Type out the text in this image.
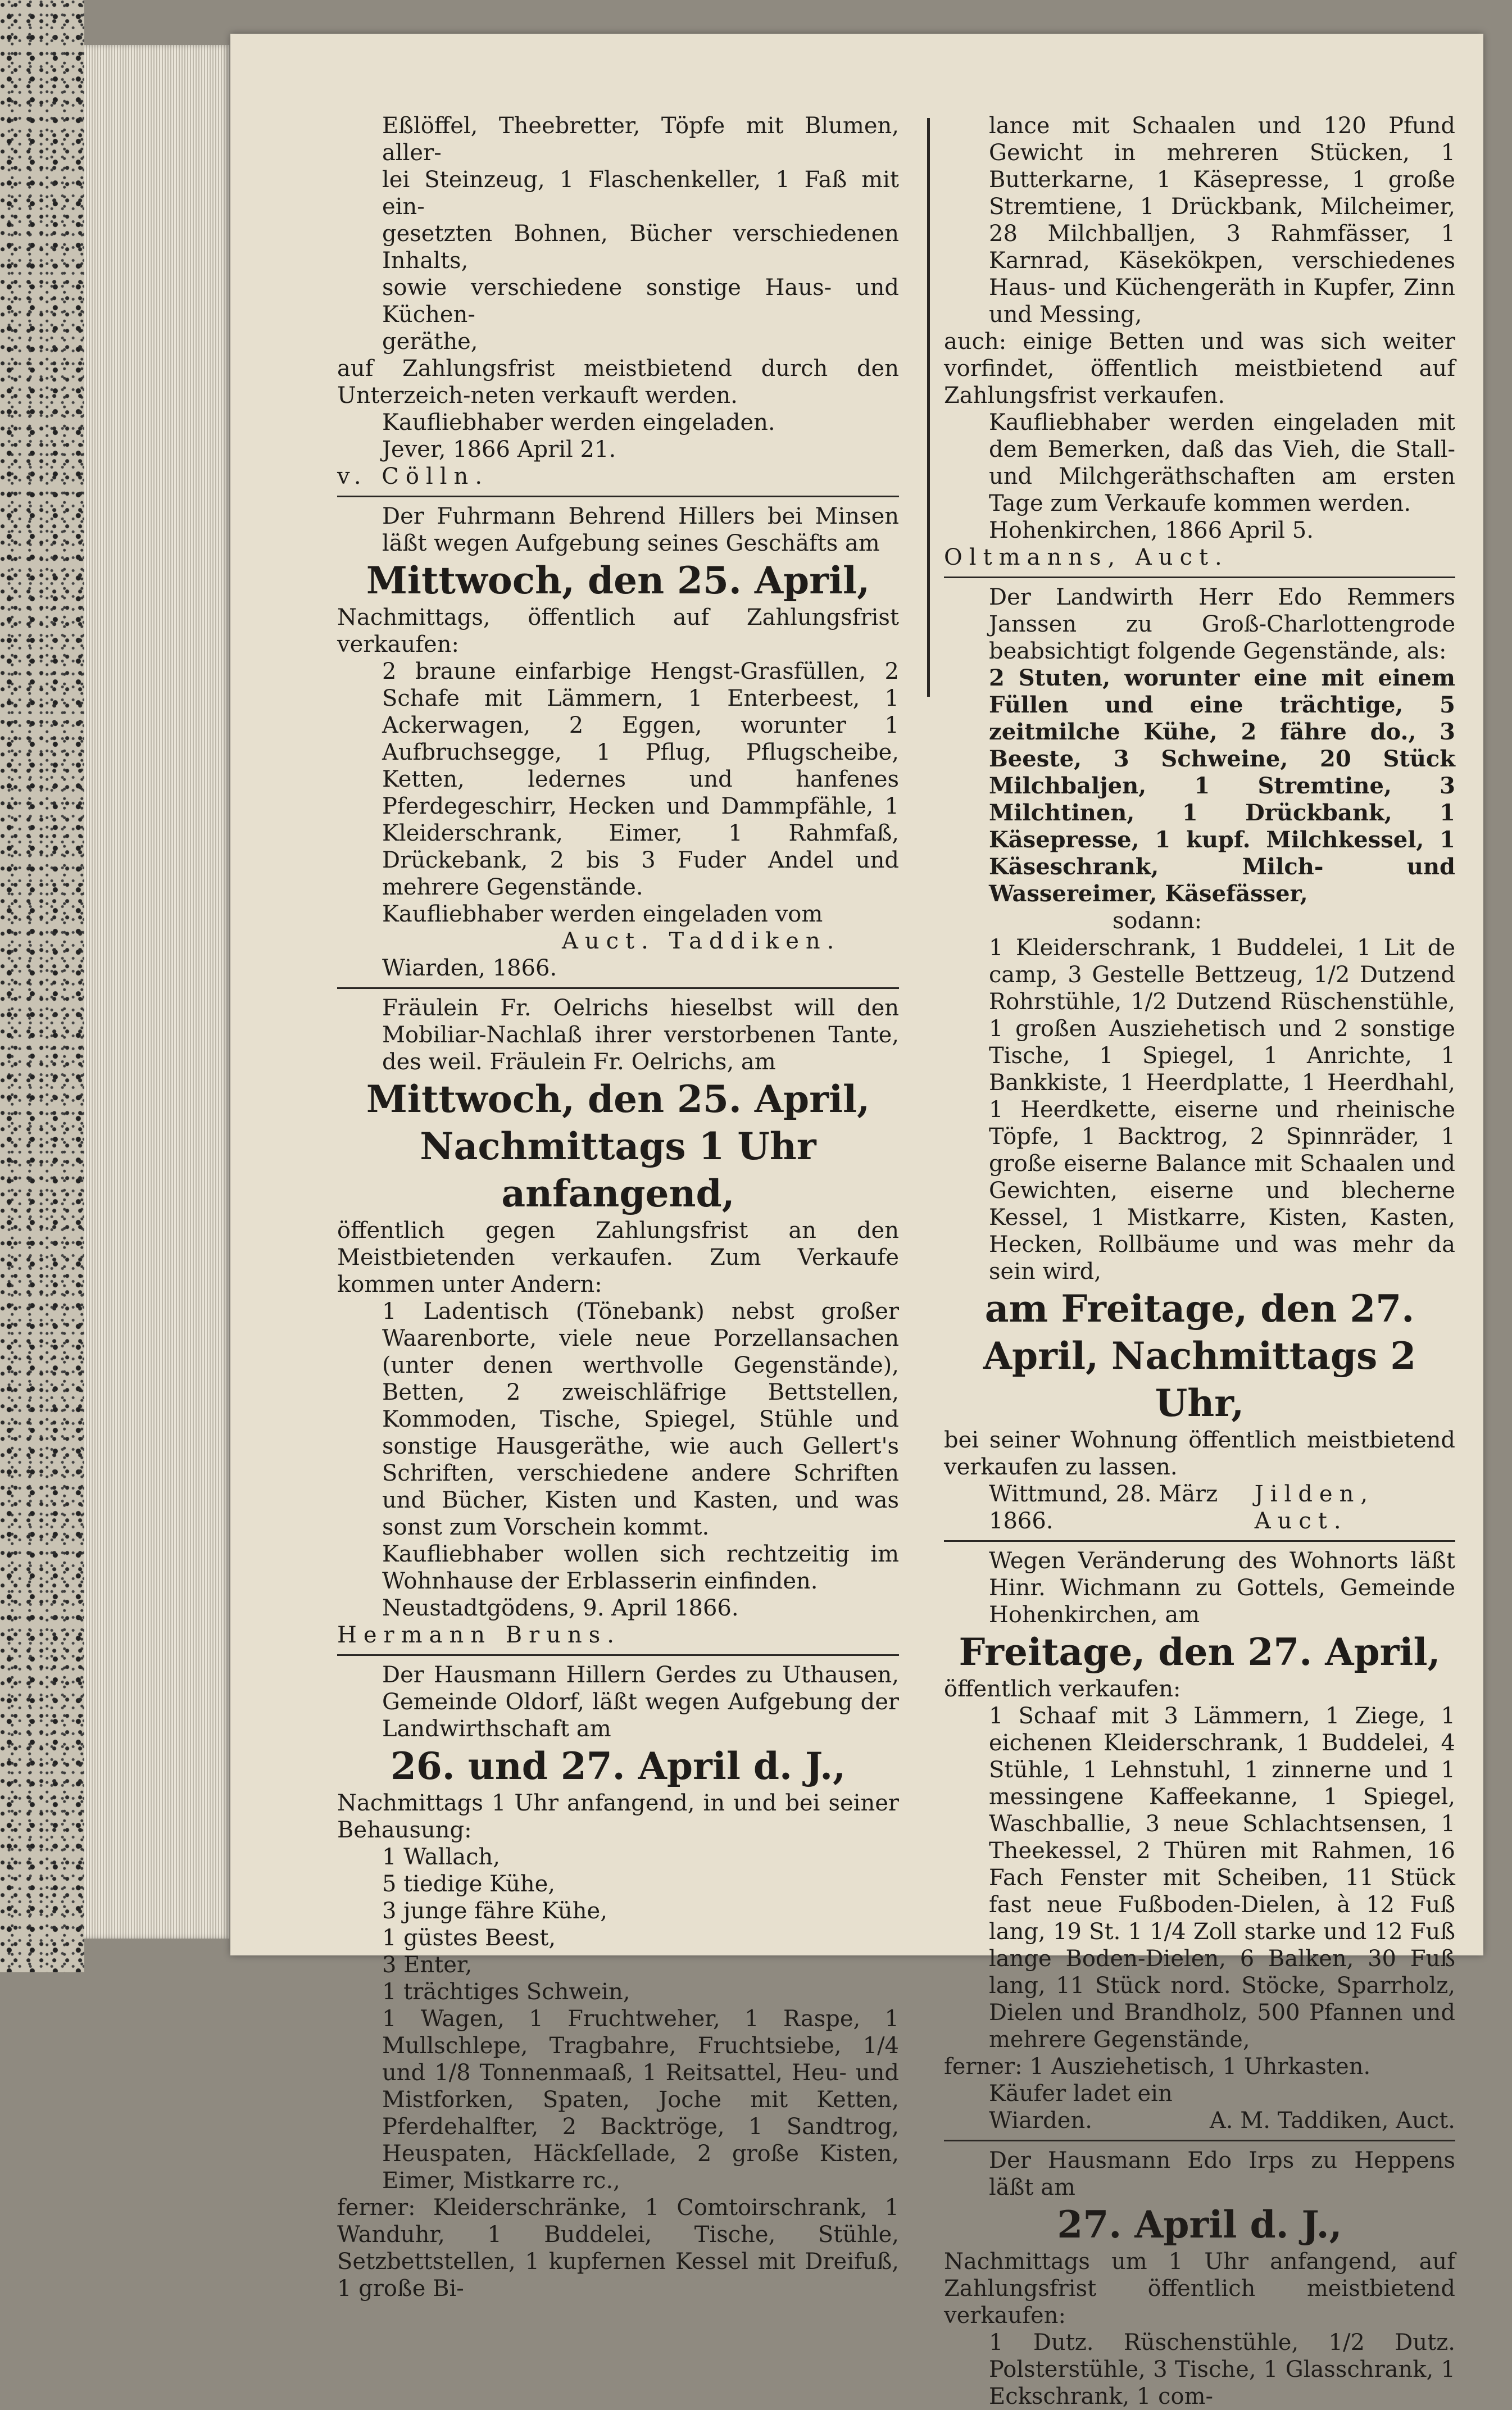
Eßlöffel, Theebretter, Töpfe mit Blumen, aller-

lei Steinzeug, 1 Flaschenkeller, 1 Faß mit ein-

gesetzten Bohnen, Bücher verschiedenen Inhalts,

sowie verschiedene sonstige Haus- und Küchen-

geräthe,

auf Zahlungsfrist meistbietend durch den Unterzeich-neten verkauft werden.

Kaufliebhaber werden eingeladen.

Jever, 1866 April 21.

v. Cölln.

Der Fuhrmann Behrend Hillers bei Minsen läßt wegen Aufgebung seines Geschäfts am

Mittwoch, den 25. April,

Nachmittags, öffentlich auf Zahlungsfrist verkaufen:

2 braune einfarbige Hengst-Grasfüllen, 2 Schafe mit Lämmern, 1 Enterbeest, 1 Ackerwagen, 2 Eggen, worunter 1 Aufbruchsegge, 1 Pflug, Pflugscheibe, Ketten, ledernes und hanfenes Pferdegeschirr, Hecken und Dammpfähle, 1 Kleiderschrank, Eimer, 1 Rahmfaß, Drückebank, 2 bis 3 Fuder Andel und mehrere Gegenstände.

Kaufliebhaber werden eingeladen vom

Auct. Taddiken.

Wiarden, 1866.

Fräulein Fr. Oelrichs hieselbst will den Mobiliar-Nachlaß ihrer verstorbenen Tante, des weil. Fräulein Fr. Oelrichs, am

Mittwoch, den 25. April, Nachmittags 1 Uhr anfangend,

öffentlich gegen Zahlungsfrist an den Meistbietenden verkaufen. Zum Verkaufe kommen unter Andern:

1 Ladentisch (Tönebank) nebst großer Waarenborte, viele neue Porzellansachen (unter denen werthvolle Gegenstände), Betten, 2 zweischläfrige Bettstellen, Kommoden, Tische, Spiegel, Stühle und sonstige Hausgeräthe, wie auch Gellert's Schriften, verschiedene andere Schriften und Bücher, Kisten und Kasten, und was sonst zum Vorschein kommt.

Kaufliebhaber wollen sich rechtzeitig im Wohnhause der Erblasserin einfinden.

Neustadtgödens, 9. April 1866.

Hermann Bruns.

Der Hausmann Hillern Gerdes zu Uthausen, Gemeinde Oldorf, läßt wegen Aufgebung der Landwirthschaft am

26. und 27. April d. J.,

Nachmittags 1 Uhr anfangend, in und bei seiner Behausung:

1 Wallach,

5 tiedige Kühe,

3 junge fähre Kühe,

1 güstes Beest,

3 Enter,

1 trächtiges Schwein,

1 Wagen, 1 Fruchtweher, 1 Raspe, 1 Mullschlepe, Tragbahre, Fruchtsiebe, 1/4 und 1/8 Tonnenmaaß, 1 Reitsattel, Heu- und Mistforken, Spaten, Joche mit Ketten, Pferdehalfter, 2 Backtröge, 1 Sandtrog, Heuspaten, Häckſellade, 2 große Kisten, Eimer, Mistkarre rc.,

ferner: Kleiderschränke, 1 Comtoirschrank, 1 Wanduhr, 1 Buddelei, Tische, Stühle, Setzbettstellen, 1 kupfernen Kessel mit Dreifuß, 1 große Bi-

lance mit Schaalen und 120 Pfund Gewicht in mehreren Stücken, 1 Butterkarne, 1 Käsepresse, 1 große Stremtiene, 1 Drückbank, Milcheimer, 28 Milchballjen, 3 Rahmfässer, 1 Karnrad, Käsekökpen, verschiedenes Haus- und Küchengeräth in Kupfer, Zinn und Messing,

auch: einige Betten und was sich weiter vorfindet, öffentlich meistbietend auf Zahlungsfrist verkaufen.

Kaufliebhaber werden eingeladen mit dem Bemerken, daß das Vieh, die Stall- und Milchgeräthschaften am ersten Tage zum Verkaufe kommen werden.

Hohenkirchen, 1866 April 5.

Oltmanns, Auct.

Der Landwirth Herr Edo Remmers Janssen zu Groß-Charlottengrode beabsichtigt folgende Gegenstände, als:

2 Stuten, worunter eine mit einem Füllen und eine trächtige, 5 zeitmilche Kühe, 2 fähre do., 3 Beeste, 3 Schweine, 20 Stück Milchbaljen, 1 Stremtine, 3 Milchtinen, 1 Drückbank, 1 Käsepresse, 1 kupf. Milchkessel, 1 Käseschrank, Milch- und Wassereimer, Käsefässer,

sodann:

1 Kleiderschrank, 1 Buddelei, 1 Lit de camp, 3 Gestelle Bettzeug, 1/2 Dutzend Rohrstühle, 1/2 Dutzend Rüschenstühle, 1 großen Ausziehetisch und 2 sonstige Tische, 1 Spiegel, 1 Anrichte, 1 Bankkiste, 1 Heerdplatte, 1 Heerdhahl, 1 Heerdkette, eiserne und rheinische Töpfe, 1 Backtrog, 2 Spinnräder, 1 große eiserne Balance mit Schaalen und Gewichten, eiserne und blecherne Kessel, 1 Mistkarre, Kisten, Kasten, Hecken, Rollbäume und was mehr da sein wird,

am Freitage, den 27. April, Nachmittags 2 Uhr,

bei seiner Wohnung öffentlich meistbietend verkaufen zu lassen.

Wittmund, 28. März 1866.
Jilden, Auct.

Wegen Veränderung des Wohnorts läßt Hinr. Wichmann zu Gottels, Gemeinde Hohenkirchen, am

Freitage, den 27. April,

öffentlich verkaufen:

1 Schaaf mit 3 Lämmern, 1 Ziege, 1 eichenen Kleiderschrank, 1 Buddelei, 4 Stühle, 1 Lehnstuhl, 1 zinnerne und 1 messingene Kaffeekanne, 1 Spiegel, Waschballie, 3 neue Schlachtsensen, 1 Theekessel, 2 Thüren mit Rahmen, 16 Fach Fenster mit Scheiben, 11 Stück fast neue Fußboden-Dielen, à 12 Fuß lang, 19 St. 1 1/4 Zoll starke und 12 Fuß lange Boden-Dielen, 6 Balken, 30 Fuß lang, 11 Stück nord. Stöcke, Sparrholz, Dielen und Brandholz, 500 Pfannen und mehrere Gegenstände,

ferner: 1 Ausziehetisch, 1 Uhrkasten.

Käufer ladet ein

Wiarden.	A. M. Taddiken, Auct.

Der Hausmann Edo Irps zu Heppens läßt am

27. April d. J.,

Nachmittags um 1 Uhr anfangend, auf Zahlungsfrist öffentlich meistbietend verkaufen:

1 Dutz. Rüschenstühle, 1/2 Dutz. Polsterstühle, 3 Tische, 1 Glasschrank, 1 Eckschrank, 1 com-
